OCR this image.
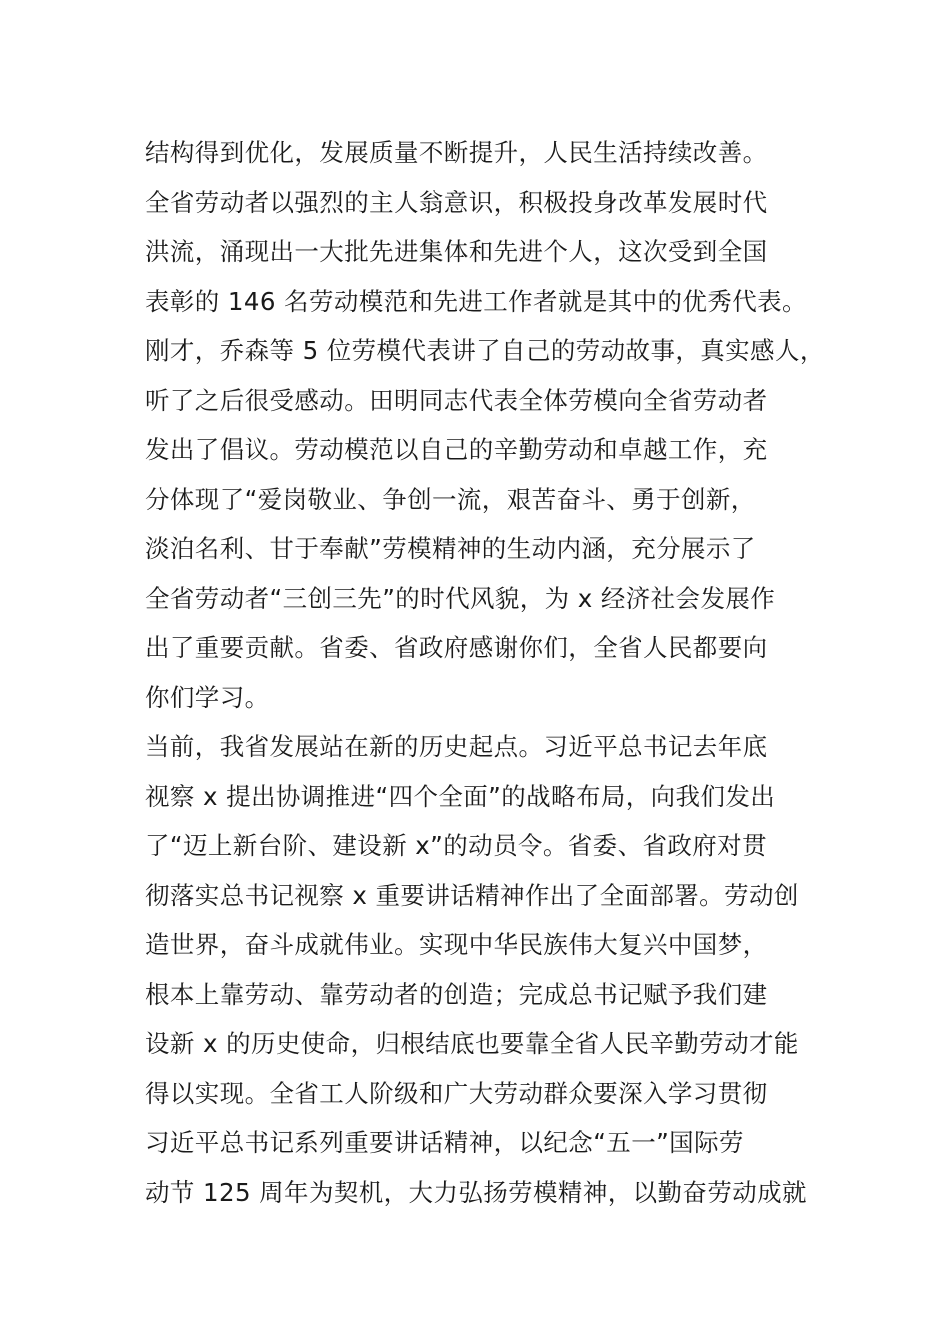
结构得到优化，发展质量不断提升，人民生活持续改善。
全省劳动者以强烈的主人翁意识，积极投身改革发展时代
洪流，涌现出一大批先进集体和先进个人，这次受到全国
表彰的 146 名劳动模范和先进工作者就是其中的优秀代表。
刚才，乔森等 5 位劳模代表讲了自己的劳动故事，真实感人，
听了之后很受感动。田明同志代表全体劳模向全省劳动者
发出了倡议。劳动模范以自己的辛勤劳动和卓越工作，充
分体现了“爱岗敬业、争创一流，艰苦奋斗、勇于创新，
淡泊名利、甘于奉献”劳模精神的生动内涵，充分展示了
全省劳动者“三创三先”的时代风貌，为 x 经济社会发展作
出了重要贡献。省委、省政府感谢你们，全省人民都要向
你们学习。
当前，我省发展站在新的历史起点。习近平总书记去年底
视察 x 提出协调推进“四个全面”的战略布局，向我们发出
了“迈上新台阶、建设新 x”的动员令。省委、省政府对贯
彻落实总书记视察 x 重要讲话精神作出了全面部署。劳动创
造世界，奋斗成就伟业。实现中华民族伟大复兴中国梦，
根本上靠劳动、靠劳动者的创造；完成总书记赋予我们建
设新 x 的历史使命，归根结底也要靠全省人民辛勤劳动才能
得以实现。全省工人阶级和广大劳动群众要深入学习贯彻
习近平总书记系列重要讲话精神，以纪念“五一”国际劳
动节 125 周年为契机，大力弘扬劳模精神，以勤奋劳动成就
